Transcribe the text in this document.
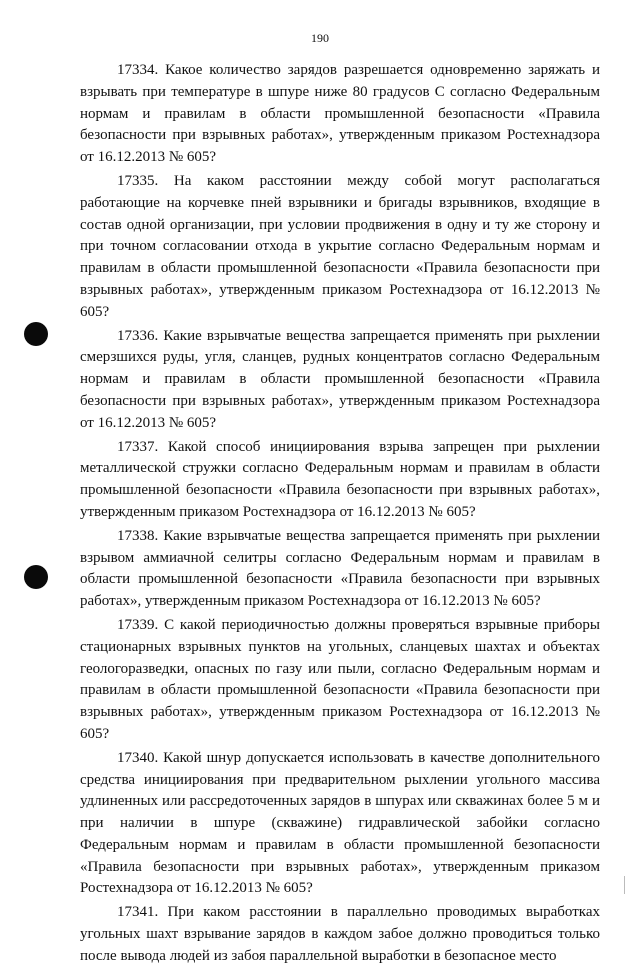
190

17334. Какое количество зарядов разрешается одновременно заряжать и взрывать при температуре в шпуре ниже 80 градусов С согласно Федеральным нормам и правилам в области промышленной безопасности «Правила безопасности при взрывных работах», утвержденным приказом Ростехнадзора от 16.12.2013 № 605?

17335. На каком расстоянии между собой могут располагаться работающие на корчевке пней взрывники и бригады взрывников, входящие в состав одной организации, при условии продвижения в одну и ту же сторону и при точном согласовании отхода в укрытие согласно Федеральным нормам и правилам в области промышленной безопасности «Правила безопасности при взрывных работах», утвержденным приказом Ростехнадзора от 16.12.2013 № 605?

17336. Какие взрывчатые вещества запрещается применять при рыхлении смерзшихся руды, угля, сланцев, рудных концентратов согласно Федеральным нормам и правилам в области промышленной безопасности «Правила безопасности при взрывных работах», утвержденным приказом Ростехнадзора от 16.12.2013 № 605?

17337. Какой способ инициирования взрыва запрещен при рыхлении металлической стружки согласно Федеральным нормам и правилам в области промышленной безопасности «Правила безопасности при взрывных работах», утвержденным приказом Ростехнадзора от 16.12.2013 № 605?

17338. Какие взрывчатые вещества запрещается применять при рыхлении взрывом аммиачной селитры согласно Федеральным нормам и правилам в области промышленной безопасности «Правила безопасности при взрывных работах», утвержденным приказом Ростехнадзора от 16.12.2013 № 605?

17339. С какой периодичностью должны проверяться взрывные приборы стационарных взрывных пунктов на угольных, сланцевых шахтах и объектах геологоразведки, опасных по газу или пыли, согласно Федеральным нормам и правилам в области промышленной безопасности «Правила безопасности при взрывных работах», утвержденным приказом Ростехнадзора от 16.12.2013 № 605?

17340. Какой шнур допускается использовать в качестве дополнительного средства инициирования при предварительном рыхлении угольного массива удлиненных или рассредоточенных зарядов в шпурах или скважинах более 5 м и при наличии в шпуре (скважине) гидравлической забойки согласно Федеральным нормам и правилам в области промышленной безопасности «Правила безопасности при взрывных работах», утвержденным приказом Ростехнадзора от 16.12.2013 № 605?

17341. При каком расстоянии в параллельно проводимых выработках угольных шахт взрывание зарядов в каждом забое должно проводиться только после вывода людей из забоя параллельной выработки в безопасное место
